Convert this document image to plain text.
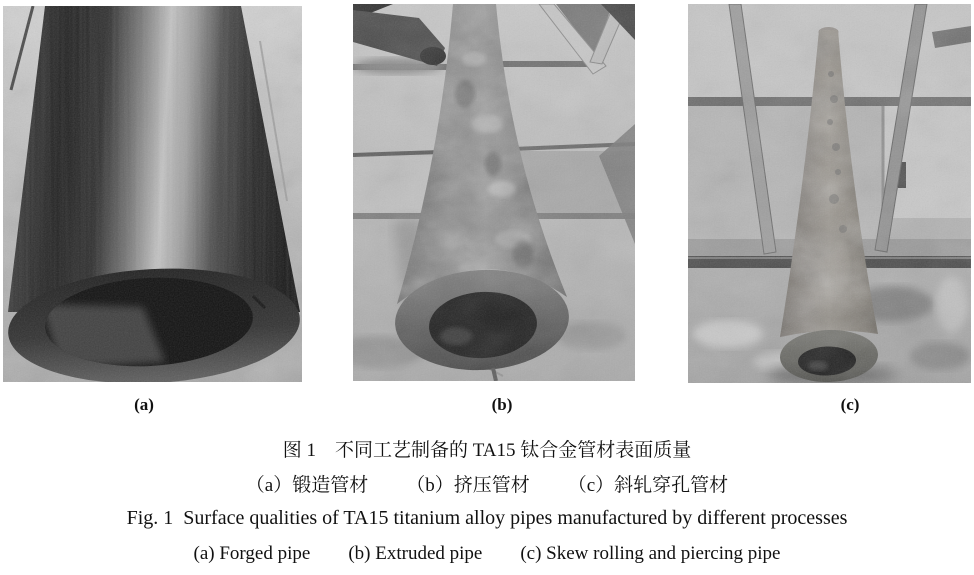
(a)	(b)	(c)
图 1　不同工艺制备的 TA15 钛合金管材表面质量
（a）锻造管材 （b）挤压管材 （c）斜轧穿孔管材
Fig. 1  Surface qualities of TA15 titanium alloy pipes manufactured by different processes
(a) Forged pipe (b) Extruded pipe (c) Skew rolling and piercing pipe
